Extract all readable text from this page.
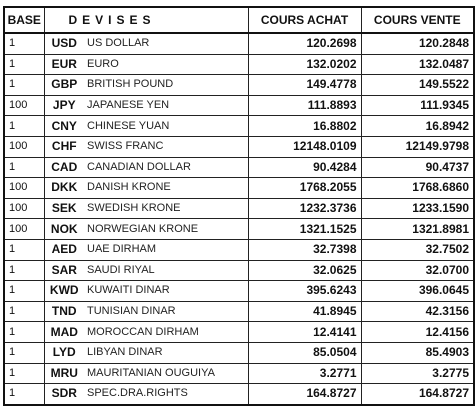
BASE	DEVISES		COURS ACHAT	COURS VENTE
1	USD	US DOLLAR	120.2698	120.2848
1	EUR	EURO	132.0202	132.0487
1	GBP	BRITISH POUND	149.4778	149.5522
100	JPY	JAPANESE YEN	111.8893	111.9345
1	CNY	CHINESE YUAN	16.8802	16.8942
100	CHF	SWISS FRANC	12148.0109	12149.9798
1	CAD	CANADIAN DOLLAR	90.4284	90.4737
100	DKK	DANISH KRONE	1768.2055	1768.6860
100	SEK	SWEDISH KRONE	1232.3736	1233.1590
100	NOK	NORWEGIAN KRONE	1321.1525	1321.8981
1	AED	UAE DIRHAM	32.7398	32.7502
1	SAR	SAUDI RIYAL	32.0625	32.0700
1	KWD	KUWAITI DINAR	395.6243	396.0645
1	TND	TUNISIAN DINAR	41.8945	42.3156
1	MAD	MOROCCAN DIRHAM	12.4141	12.4156
1	LYD	LIBYAN DINAR	85.0504	85.4903
1	MRU	MAURITANIAN OUGUIYA	3.2771	3.2775
1	SDR	SPEC.DRA.RIGHTS	164.8727	164.8727
